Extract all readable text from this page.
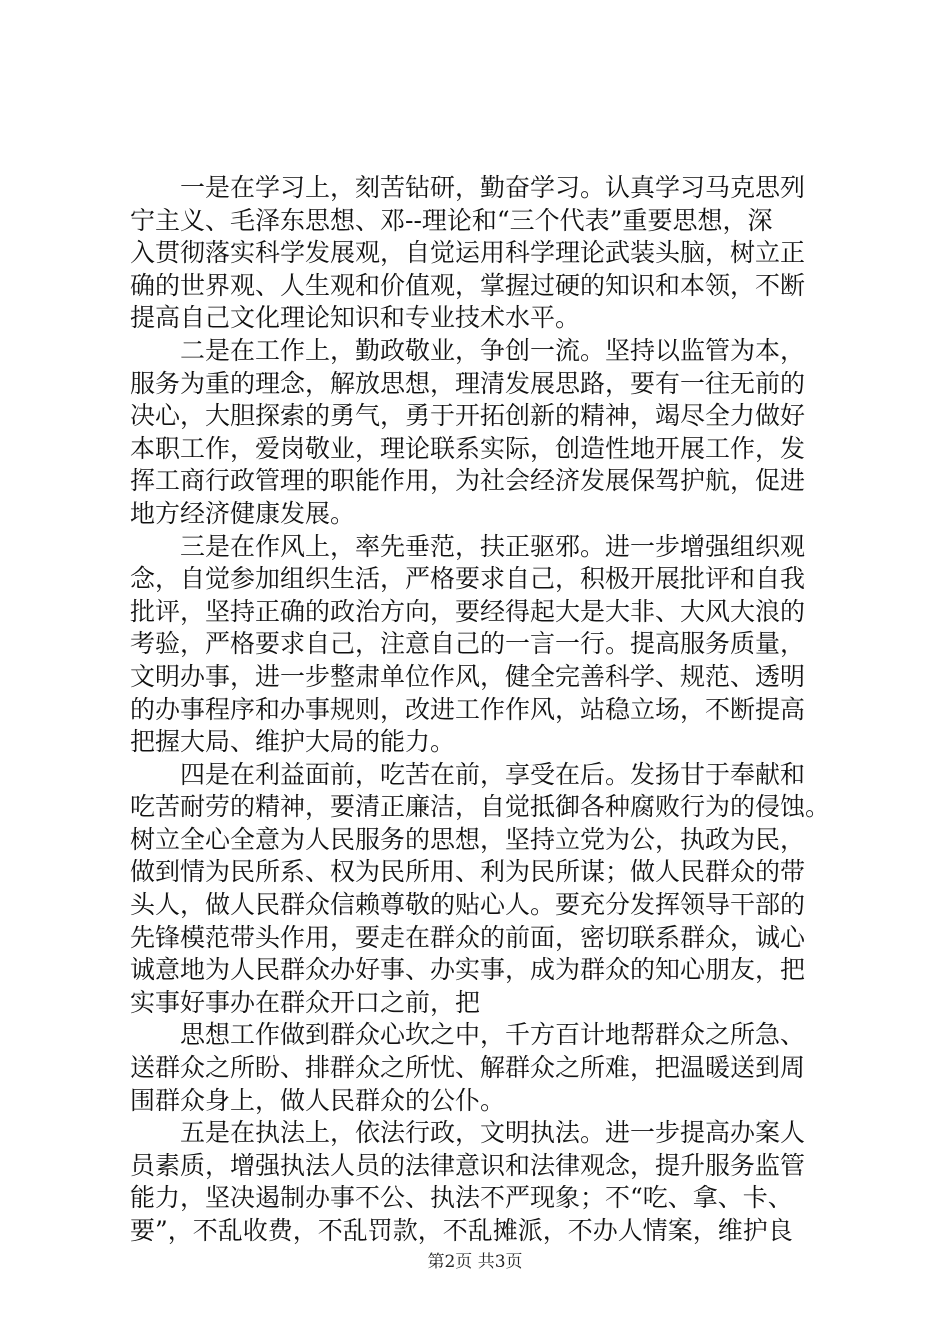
　　一是在学习上，刻苦钻研，勤奋学习。认真学习马克思列
宁主义、毛泽东思想、邓--理论和“三个代表”重要思想，深
入贯彻落实科学发展观，自觉运用科学理论武装头脑，树立正
确的世界观、人生观和价值观，掌握过硬的知识和本领，不断
提高自己文化理论知识和专业技术水平。
　　二是在工作上，勤政敬业，争创一流。坚持以监管为本，
服务为重的理念，解放思想，理清发展思路，要有一往无前的
决心，大胆探索的勇气，勇于开拓创新的精神，竭尽全力做好
本职工作，爱岗敬业，理论联系实际，创造性地开展工作，发
挥工商行政管理的职能作用，为社会经济发展保驾护航，促进
地方经济健康发展。
　　三是在作风上，率先垂范，扶正驱邪。进一步增强组织观
念，自觉参加组织生活，严格要求自己，积极开展批评和自我
批评，坚持正确的政治方向，要经得起大是大非、大风大浪的
考验，严格要求自己，注意自己的一言一行。提高服务质量，
文明办事，进一步整肃单位作风，健全完善科学、规范、透明
的办事程序和办事规则，改进工作作风，站稳立场，不断提高
把握大局、维护大局的能力。
　　四是在利益面前，吃苦在前，享受在后。发扬甘于奉献和
吃苦耐劳的精神，要清正廉洁，自觉抵御各种腐败行为的侵蚀。
树立全心全意为人民服务的思想，坚持立党为公，执政为民，
做到情为民所系、权为民所用、利为民所谋；做人民群众的带
头人，做人民群众信赖尊敬的贴心人。要充分发挥领导干部的
先锋模范带头作用，要走在群众的前面，密切联系群众，诚心
诚意地为人民群众办好事、办实事，成为群众的知心朋友，把
实事好事办在群众开口之前，把
　　思想工作做到群众心坎之中，千方百计地帮群众之所急、
送群众之所盼、排群众之所忧、解群众之所难，把温暖送到周
围群众身上，做人民群众的公仆。
　　五是在执法上，依法行政，文明执法。进一步提高办案人
员素质，增强执法人员的法律意识和法律观念，提升服务监管
能力，坚决遏制办事不公、执法不严现象；不“吃、拿、卡、
要”，不乱收费，不乱罚款，不乱摊派，不办人情案，维护良
第2页 共3页
